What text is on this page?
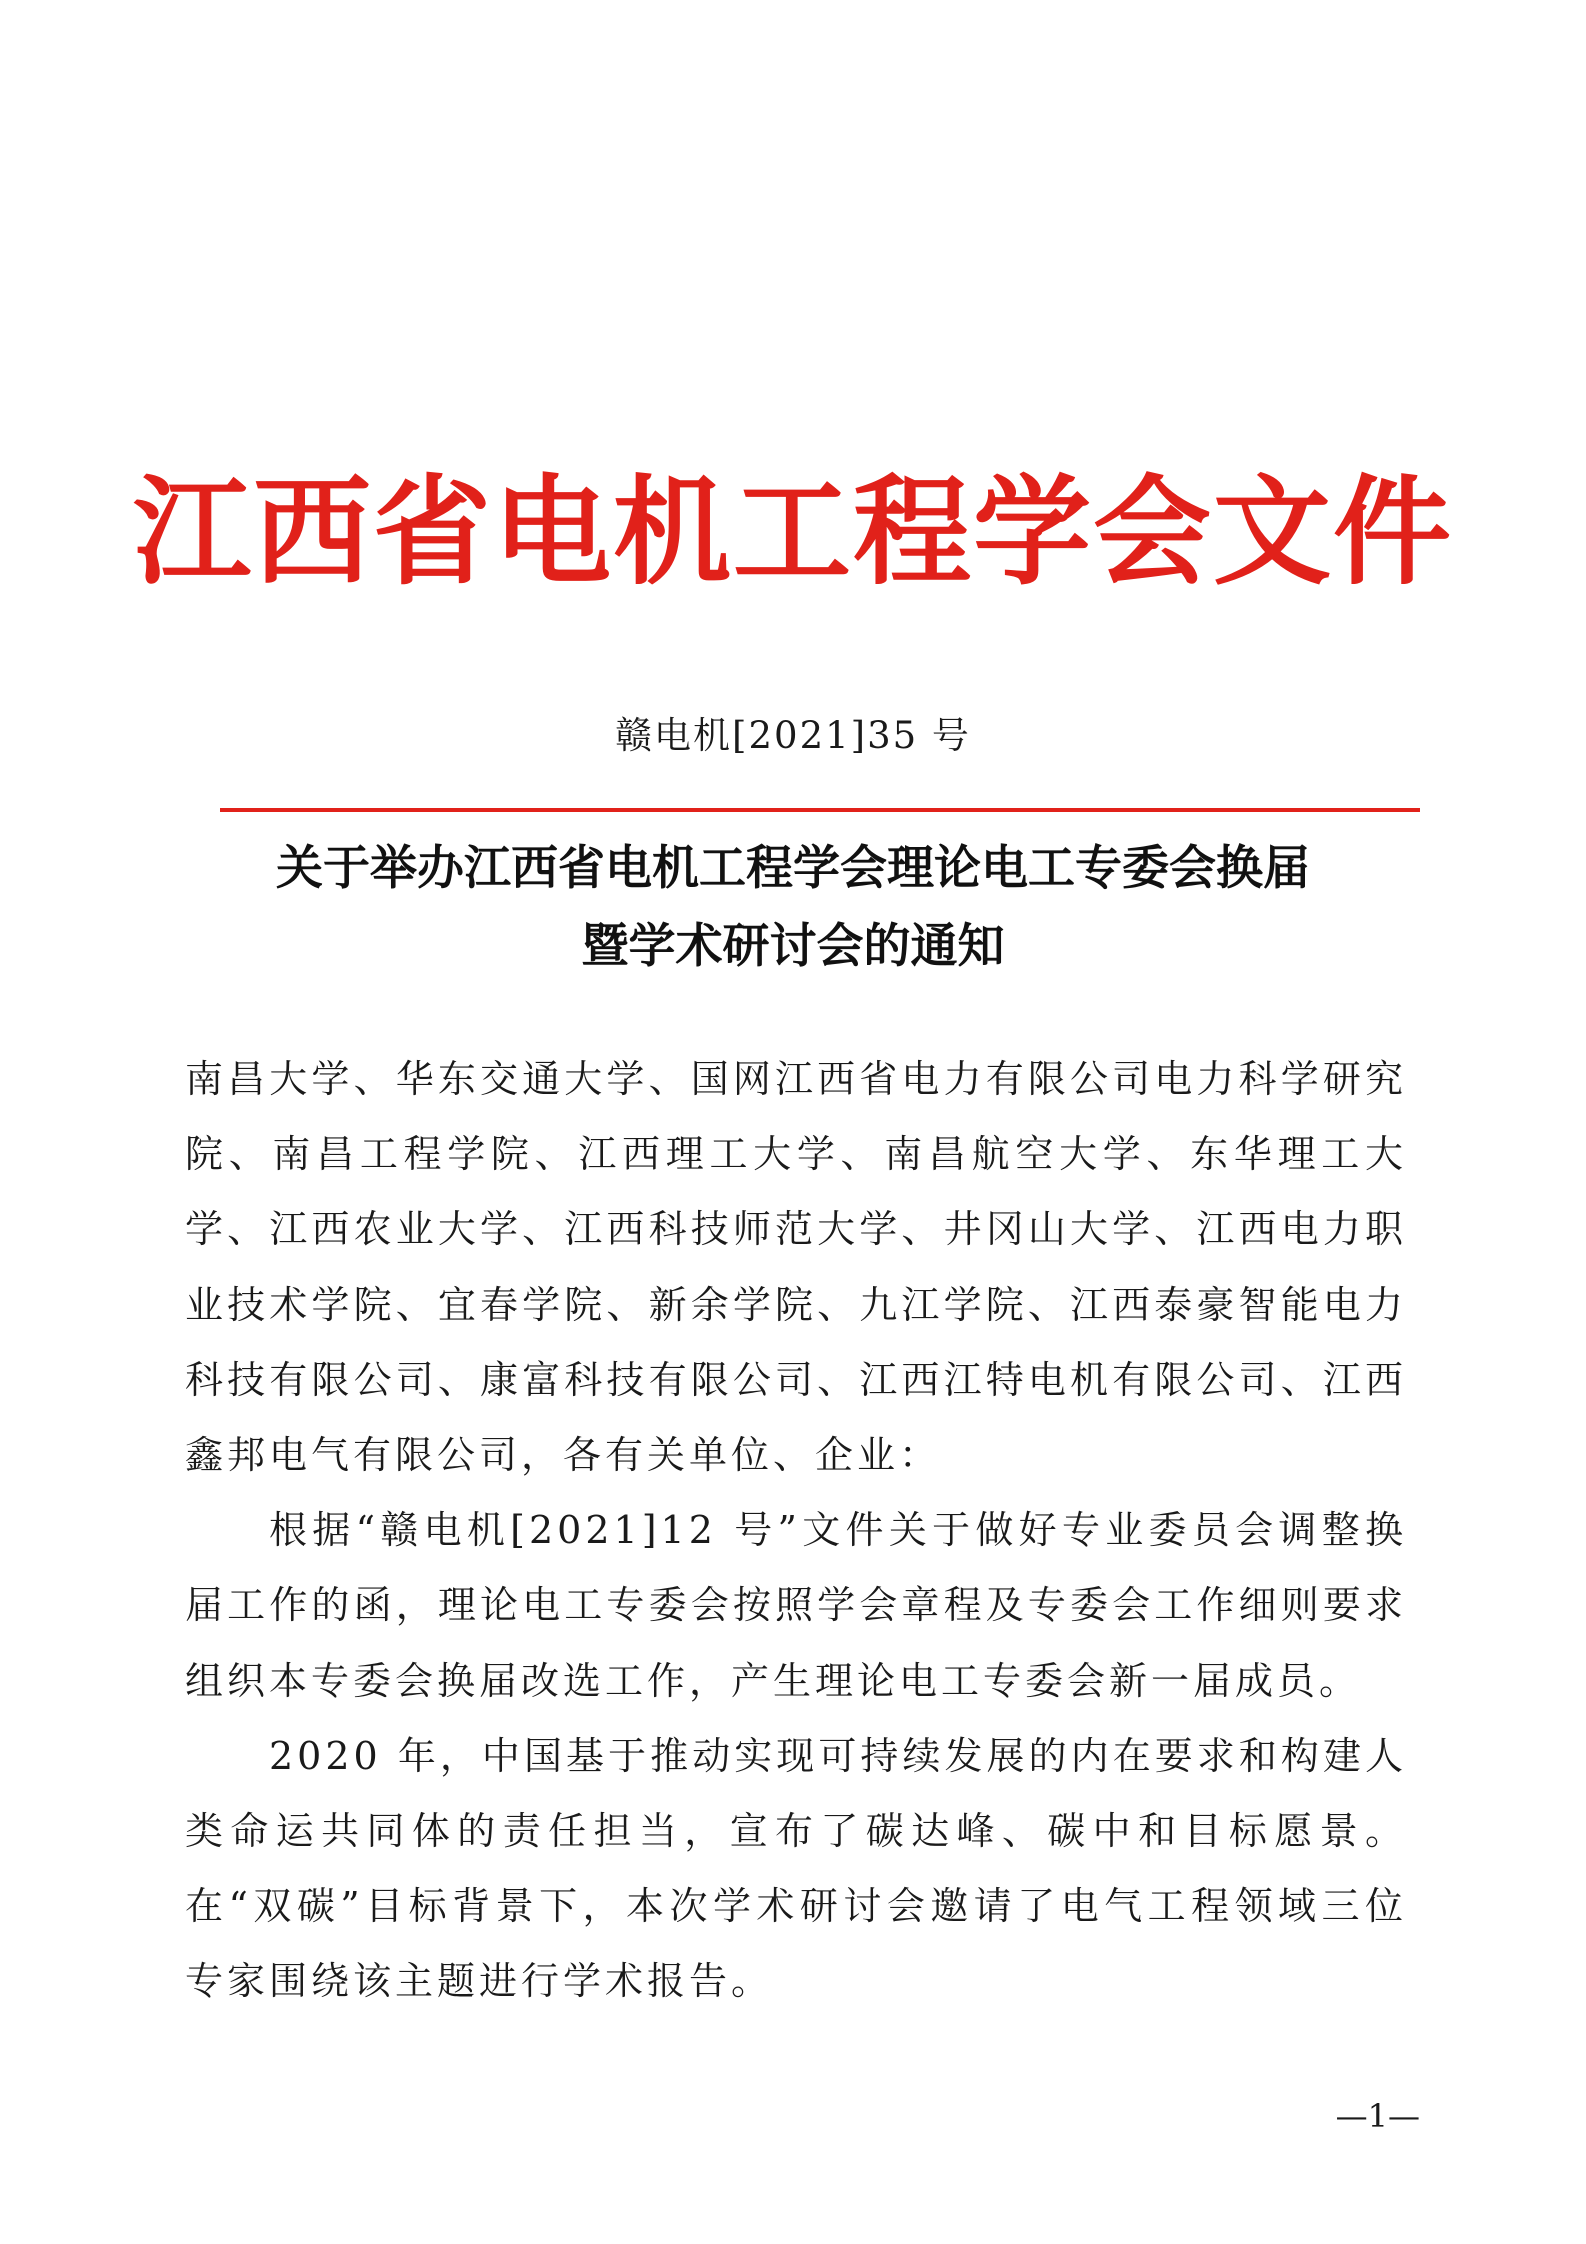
江西省电机工程学会文件
赣电机[2021]35 号
关于举办江西省电机工程学会理论电工专委会换届
暨学术研讨会的通知

南昌大学、华东交通大学、国网江西省电力有限公司电力科学研究院、南昌工程学院、江西理工大学、南昌航空大学、东华理工大学、江西农业大学、江西科技师范大学、井冈山大学、江西电力职业技术学院、宜春学院、新余学院、九江学院、江西泰豪智能电力科技有限公司、康富科技有限公司、江西江特电机有限公司、江西鑫邦电气有限公司，各有关单位、企业：

根据“赣电机[2021]12 号”文件关于做好专业委员会调整换届工作的函，理论电工专委会按照学会章程及专委会工作细则要求组织本专委会换届改选工作，产生理论电工专委会新一届成员。

2020 年，中国基于推动实现可持续发展的内在要求和构建人类命运共同体的责任担当，宣布了碳达峰、碳中和目标愿景。在“双碳”目标背景下，本次学术研讨会邀请了电气工程领域三位专家围绕该主题进行学术报告。

—1—
